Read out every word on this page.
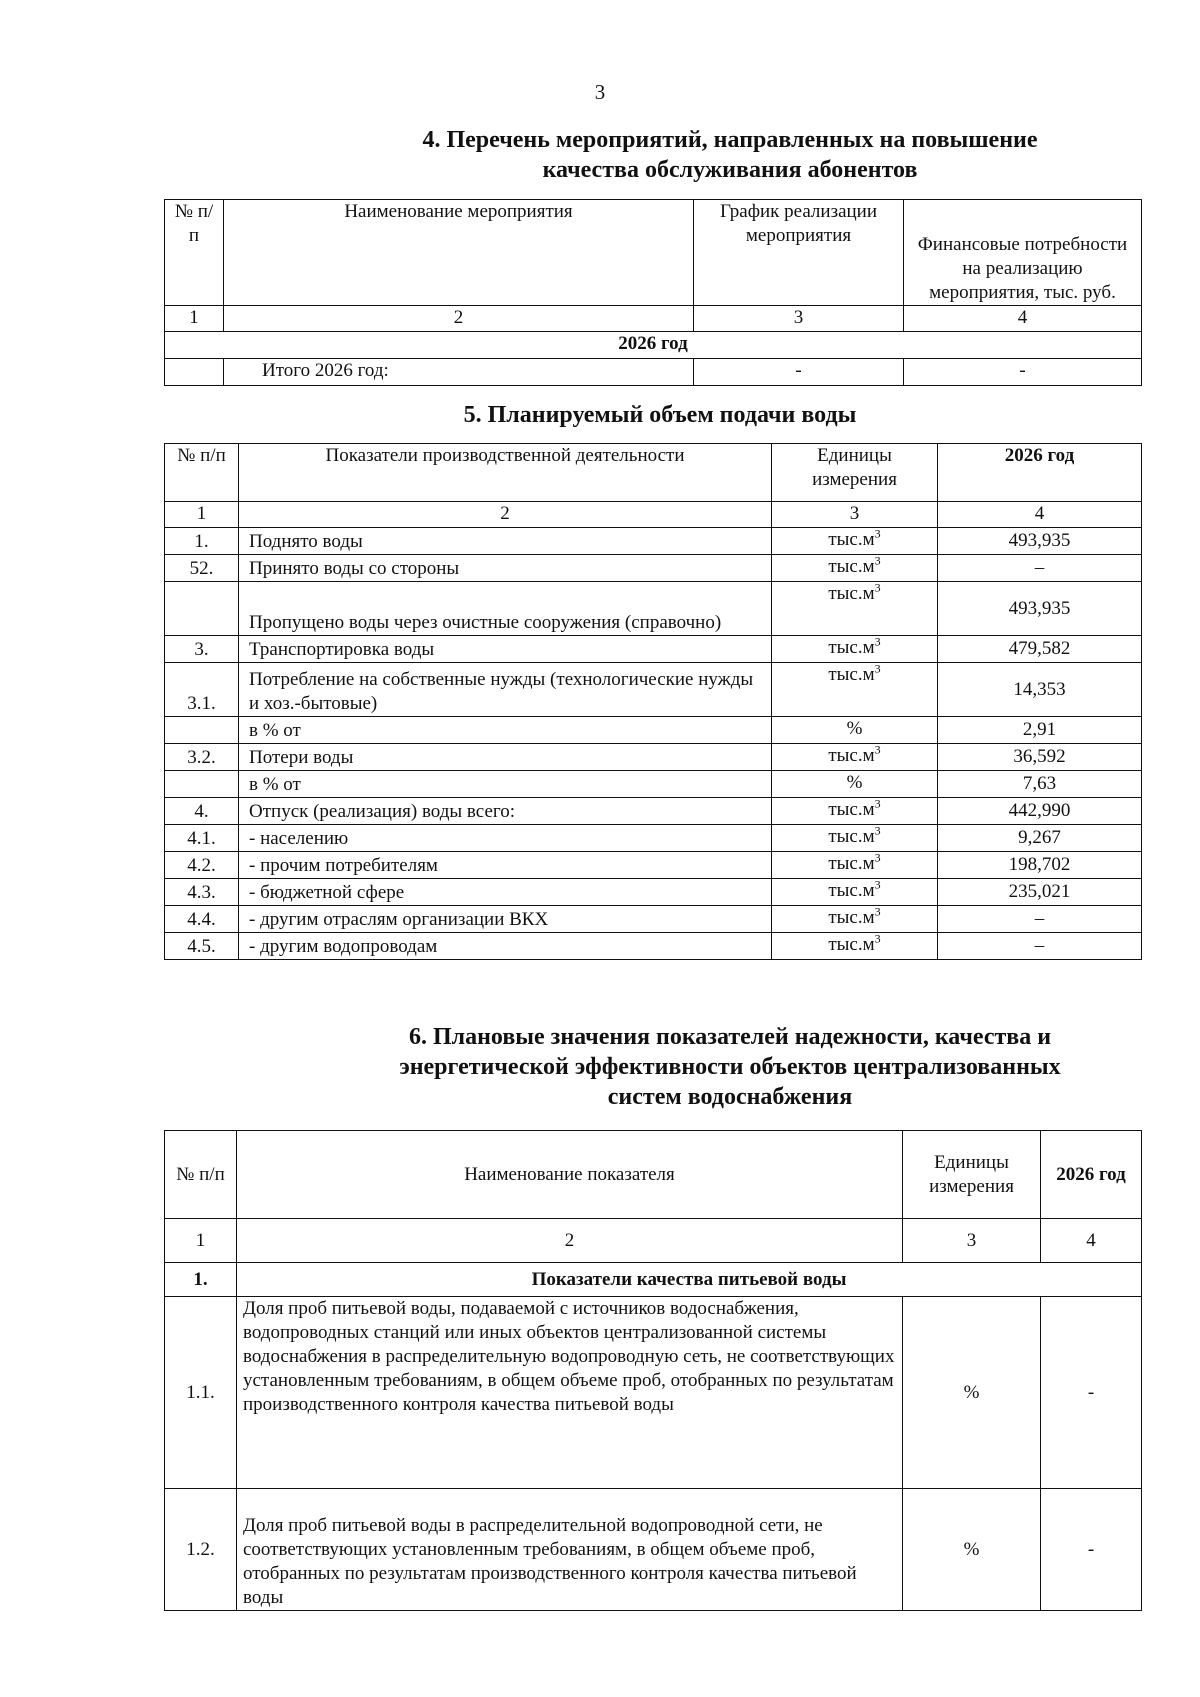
3
4. Перечень мероприятий, направленных на повышение
качества обслуживания абонентов
№ п/п	Наименование мероприятия	График реализации мероприятия	Финансовые потребности на реализацию мероприятия, тыс. руб.
1	2	3	4
2026 год			
	Итого 2026 год:	-	-
5. Планируемый объем подачи воды
№ п/п	Показатели производственной деятельности	Единицы измерения	2026 год
1	2	3	4
1.	Поднято воды	$тыс.м^3$	493,935
52.	Принято воды со стороны	$тыс.м^3$	–
	Пропущено воды через очистные сооружения (справочно)	$тыс.м^3$	493,935
3.	Транспортировка воды	$тыс.м^3$	479,582
3.1.	Потребление на собственные нужды (технологические нужды и хоз.-бытовые)	$тыс.м^3$	14,353
	в % от	%	2,91
3.2.	Потери воды	$тыс.м^3$	36,592
	в % от	%	7,63
4.	Отпуск (реализация) воды всего:	$тыс.м^3$	442,990
4.1.	- населению	$тыс.м^3$	9,267
4.2.	- прочим потребителям	$тыс.м^3$	198,702
4.3.	- бюджетной сфере	$тыс.м^3$	235,021
4.4.	- другим отраслям организации ВКХ	$тыс.м^3$	–
4.5.	- другим водопроводам	$тыс.м^3$	–
6. Плановые значения показателей надежности, качества и
энергетической эффективности объектов централизованных
систем водоснабжения
№ п/п	Наименование показателя	Единицы измерения	2026 год
1	2	3	4
1.	Показатели качества питьевой воды		
1.1.	Доля проб питьевой воды, подаваемой с источников водоснабжения, водопроводных станций или иных объектов централизованной системы водоснабжения в распределительную водопроводную сеть, не соответствующих установленным требованиям, в общем объеме проб, отобранных по результатам производственного контроля качества питьевой воды	%	-
1.2.	Доля проб питьевой воды в распределительной водопроводной сети, не соответствующих установленным требованиям, в общем объеме проб, отобранных по результатам производственного контроля качества питьевой воды	%	-
